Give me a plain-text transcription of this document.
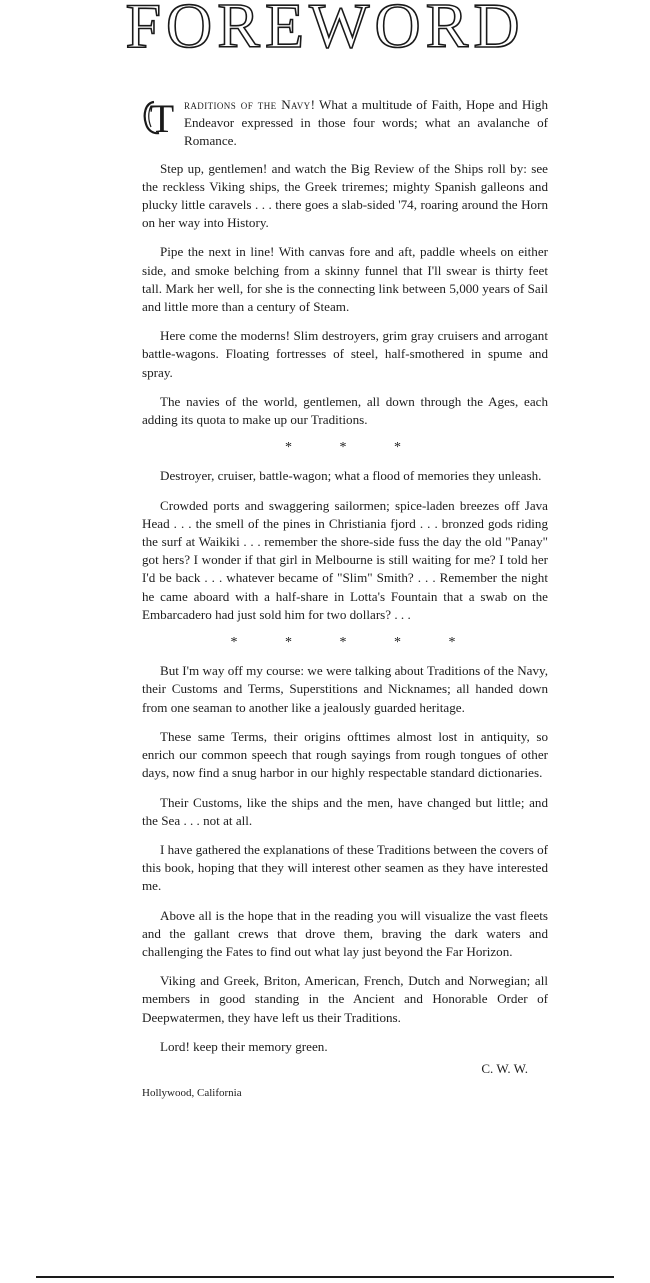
FOREWORD

T raditions of the Navy! What a multitude of Faith, Hope and High Endeavor expressed in those four words; what an avalanche of Romance.

Step up, gentlemen! and watch the Big Review of the Ships roll by: see the reckless Viking ships, the Greek triremes; mighty Spanish galleons and plucky little caravels . . . there goes a slab-sided '74, roaring around the Horn on her way into History.

Pipe the next in line! With canvas fore and aft, paddle wheels on either side, and smoke belching from a skinny funnel that I'll swear is thirty feet tall. Mark her well, for she is the connecting link between 5,000 years of Sail and little more than a century of Steam.

Here come the moderns! Slim destroyers, grim gray cruisers and arrogant battle-wagons. Floating fortresses of steel, half-smothered in spume and spray.

The navies of the world, gentlemen, all down through the Ages, each adding its quota to make up our Traditions.

* * *

Destroyer, cruiser, battle-wagon; what a flood of memories they unleash.

Crowded ports and swaggering sailormen; spice-laden breezes off Java Head . . . the smell of the pines in Christiania fjord . . . bronzed gods riding the surf at Waikiki . . . remember the shore-side fuss the day the old "Panay" got hers? I wonder if that girl in Melbourne is still waiting for me? I told her I'd be back . . . whatever became of "Slim" Smith? . . . Remember the night he came aboard with a half-share in Lotta's Fountain that a swab on the Embarcadero had just sold him for two dollars? . . .

* * * * *

But I'm way off my course: we were talking about Traditions of the Navy, their Customs and Terms, Superstitions and Nicknames; all handed down from one seaman to another like a jealously guarded heritage.

These same Terms, their origins ofttimes almost lost in antiquity, so enrich our common speech that rough sayings from rough tongues of other days, now find a snug harbor in our highly respectable standard dictionaries.

Their Customs, like the ships and the men, have changed but little; and the Sea . . . not at all.

I have gathered the explanations of these Traditions between the covers of this book, hoping that they will interest other seamen as they have interested me.

Above all is the hope that in the reading you will visualize the vast fleets and the gallant crews that drove them, braving the dark waters and challenging the Fates to find out what lay just beyond the Far Horizon.

Viking and Greek, Briton, American, French, Dutch and Norwegian; all members in good standing in the Ancient and Honorable Order of Deepwatermen, they have left us their Traditions.

Lord! keep their memory green.

C. W. W.

Hollywood, California
